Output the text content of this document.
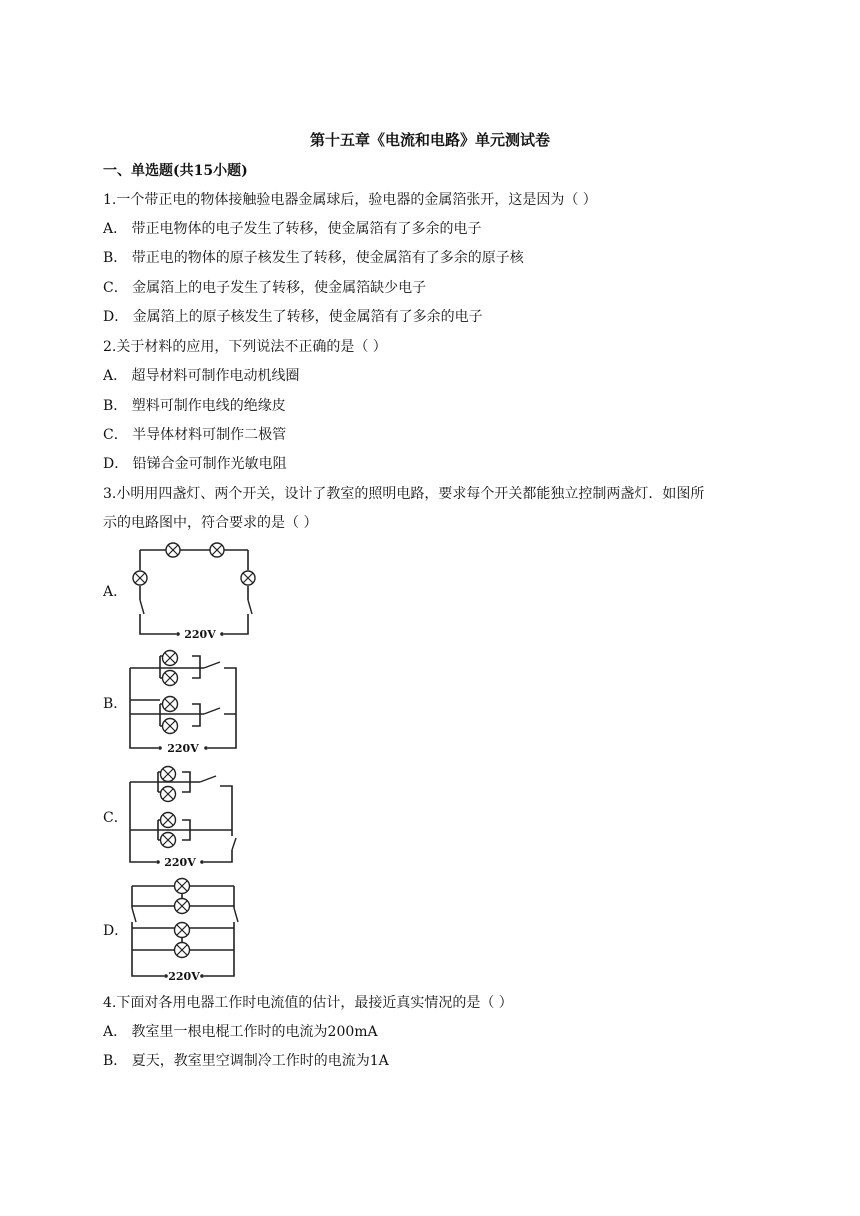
第十五章《电流和电路》单元测试卷
一、单选题(共15小题)
1.一个带正电的物体接触验电器金属球后，验电器的金属箔张开，这是因为（ ）
A． 带正电物体的电子发生了转移，使金属箔有了多余的电子
B． 带正电的物体的原子核发生了转移，使金属箔有了多余的原子核
C． 金属箔上的电子发生了转移，使金属箔缺少电子
D． 金属箔上的原子核发生了转移，使金属箔有了多余的电子
2.关于材料的应用，下列说法不正确的是（ ）
A． 超导材料可制作电动机线圈
B． 塑料可制作电线的绝缘皮
C． 半导体材料可制作二极管
D． 铅锑合金可制作光敏电阻
3.小明用四盏灯、两个开关，设计了教室的照明电路，要求每个开关都能独立控制两盏灯．如图所
示的电路图中，符合要求的是（ ）
A．
220V
B．
220V
C．
220V
D．
220V
4.下面对各用电器工作时电流值的估计，最接近真实情况的是（ ）
A． 教室里一根电棍工作时的电流为200mA
B． 夏天，教室里空调制冷工作时的电流为1A
